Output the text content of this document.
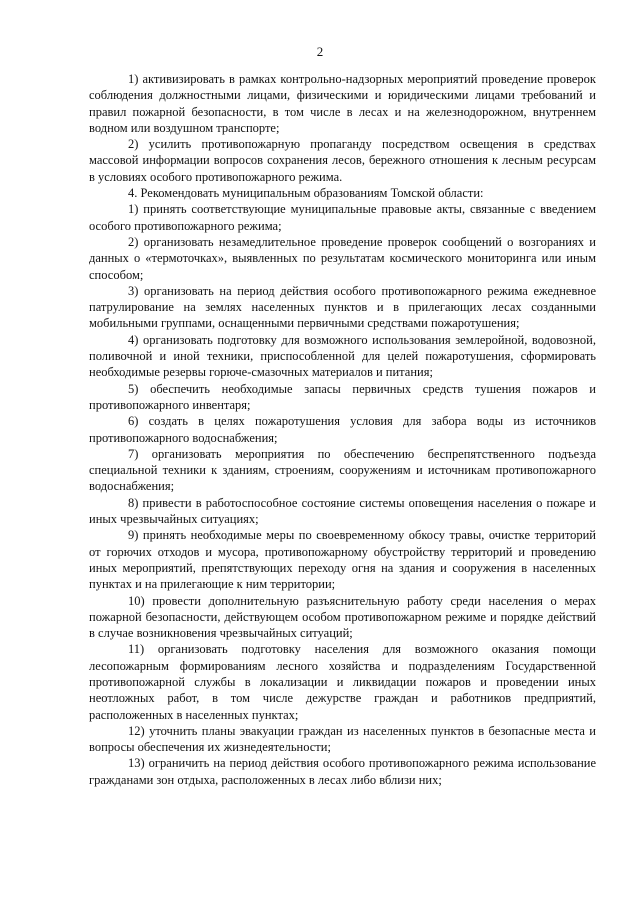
2

1) активизировать в рамках контрольно-надзорных мероприятий проведение проверок соблюдения должностными лицами, физическими и юридическими лицами требований и правил пожарной безопасности, в том числе в лесах и на железнодорожном, внутреннем водном или воздушном транспорте;

2) усилить противопожарную пропаганду посредством освещения в средствах массовой информации вопросов сохранения лесов, бережного отношения к лесным ресурсам в условиях особого противопожарного режима.

4. Рекомендовать муниципальным образованиям Томской области:

1) принять соответствующие муниципальные правовые акты, связанные с введением особого противопожарного режима;

2) организовать незамедлительное проведение проверок сообщений о возгораниях и данных о «термоточках», выявленных по результатам космического мониторинга или иным способом;

3) организовать на период действия особого противопожарного режима ежедневное патрулирование на землях населенных пунктов и в прилегающих лесах созданными мобильными группами, оснащенными первичными средствами пожаротушения;

4) организовать подготовку для возможного использования землеройной, водовозной, поливочной и иной техники, приспособленной для целей пожаротушения, сформировать необходимые резервы горюче-смазочных материалов и питания;

5) обеспечить необходимые запасы первичных средств тушения пожаров и противопожарного инвентаря;

6) создать в целях пожаротушения условия для забора воды из источников противопожарного водоснабжения;

7) организовать мероприятия по обеспечению беспрепятственного подъезда специальной техники к зданиям, строениям, сооружениям и источникам противопожарного водоснабжения;

8) привести в работоспособное состояние системы оповещения населения о пожаре и иных чрезвычайных ситуациях;

9) принять необходимые меры по своевременному обкосу травы, очистке территорий от горючих отходов и мусора, противопожарному обустройству территорий и проведению иных мероприятий, препятствующих переходу огня на здания и сооружения в населенных пунктах и на прилегающие к ним территории;

10) провести дополнительную разъяснительную работу среди населения о мерах пожарной безопасности, действующем особом противопожарном режиме и порядке действий в случае возникновения чрезвычайных ситуаций;

11) организовать подготовку населения для возможного оказания помощи лесопожарным формированиям лесного хозяйства и подразделениям Государственной противопожарной службы в локализации и ликвидации пожаров и проведении иных неотложных работ, в том числе дежурстве граждан и работников предприятий, расположенных в населенных пунктах;

12) уточнить планы эвакуации граждан из населенных пунктов в безопасные места и вопросы обеспечения их жизнедеятельности;

13) ограничить на период действия особого противопожарного режима использование гражданами зон отдыха, расположенных в лесах либо вблизи них;
